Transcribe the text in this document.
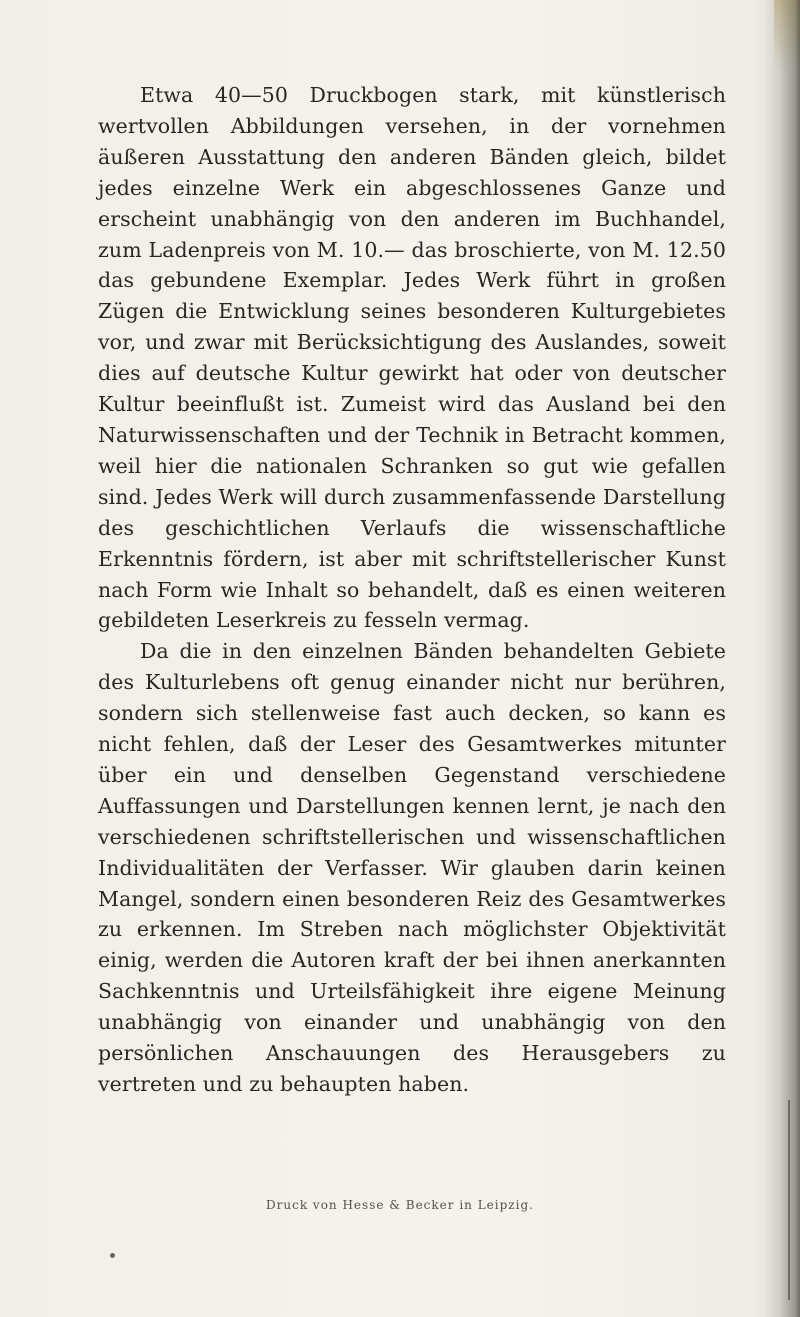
Etwa 40—50 Druckbogen stark, mit künstlerisch wertvollen Abbildungen versehen, in der vornehmen äußeren Ausstattung den anderen Bänden gleich, bildet jedes einzelne Werk ein abgeschlossenes Ganze und erscheint unabhängig von den anderen im Buchhandel, zum Ladenpreis von M. 10.— das broschierte, von M. 12.50 das gebundene Exemplar. Jedes Werk führt in großen Zügen die Entwicklung seines besonderen Kulturgebietes vor, und zwar mit Berücksichtigung des Auslandes, soweit dies auf deutsche Kultur gewirkt hat oder von deutscher Kultur beeinflußt ist. Zumeist wird das Ausland bei den Naturwissenschaften und der Technik in Betracht kommen, weil hier die nationalen Schranken so gut wie gefallen sind. Jedes Werk will durch zusammenfassende Darstellung des geschichtlichen Verlaufs die wissenschaftliche Erkenntnis fördern, ist aber mit schriftstellerischer Kunst nach Form wie Inhalt so behandelt, daß es einen weiteren gebildeten Leserkreis zu fesseln vermag.

Da die in den einzelnen Bänden behandelten Gebiete des Kulturlebens oft genug einander nicht nur berühren, sondern sich stellenweise fast auch decken, so kann es nicht fehlen, daß der Leser des Gesamtwerkes mitunter über ein und denselben Gegenstand verschiedene Auffassungen und Darstellungen kennen lernt, je nach den verschiedenen schriftstellerischen und wissenschaftlichen Individualitäten der Verfasser. Wir glauben darin keinen Mangel, sondern einen besonderen Reiz des Gesamtwerkes zu erkennen. Im Streben nach möglichster Objektivität einig, werden die Autoren kraft der bei ihnen anerkannten Sachkenntnis und Urteilsfähigkeit ihre eigene Meinung unabhängig von einander und unabhängig von den persönlichen Anschauungen des Herausgebers zu vertreten und zu behaupten haben.

Druck von Hesse & Becker in Leipzig.
